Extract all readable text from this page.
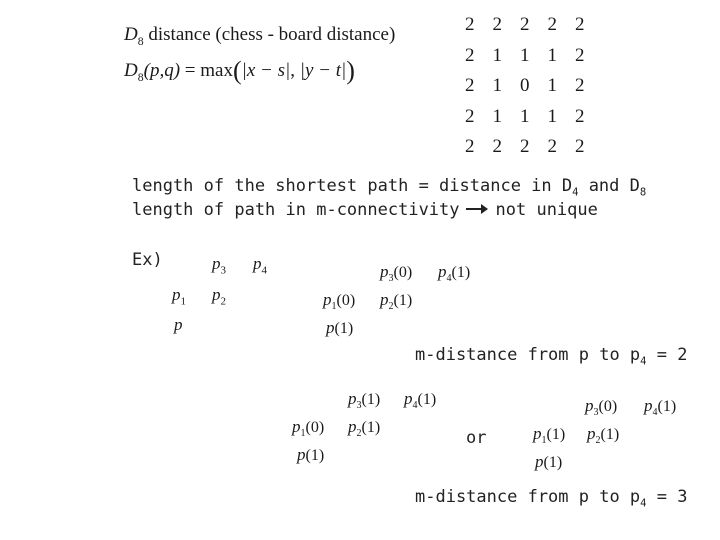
$D_8$ distance (chess - board distance)
$D_8(p,q) = \max(|x - s|$, |y − t|)
2 2 2 2 2
2 1 1 1 2
2 1 0 1 2
2 1 1 1 2
2 2 2 2 2
length of the shortest path = distance in $D_4$ and $D_8$
length of path in m-connectivity not unique
Ex)	$p_3$ $p_4$
$p_1$ $p_2$
p
$p_3(0)$ $p_4(1)$
$p_1(0)$ $p_2(1)$
p(1)
m-distance from p to $p_4 = 2$
$p_3(1)$ $p_4(1)$
$p_1(0)$ $p_2(1)$
p(1)
or
$p_3(0)$ $p_4(1)$
$p_1(1)$ $p_2(1)$
p(1)
m-distance from p to $p_4 = 3$
